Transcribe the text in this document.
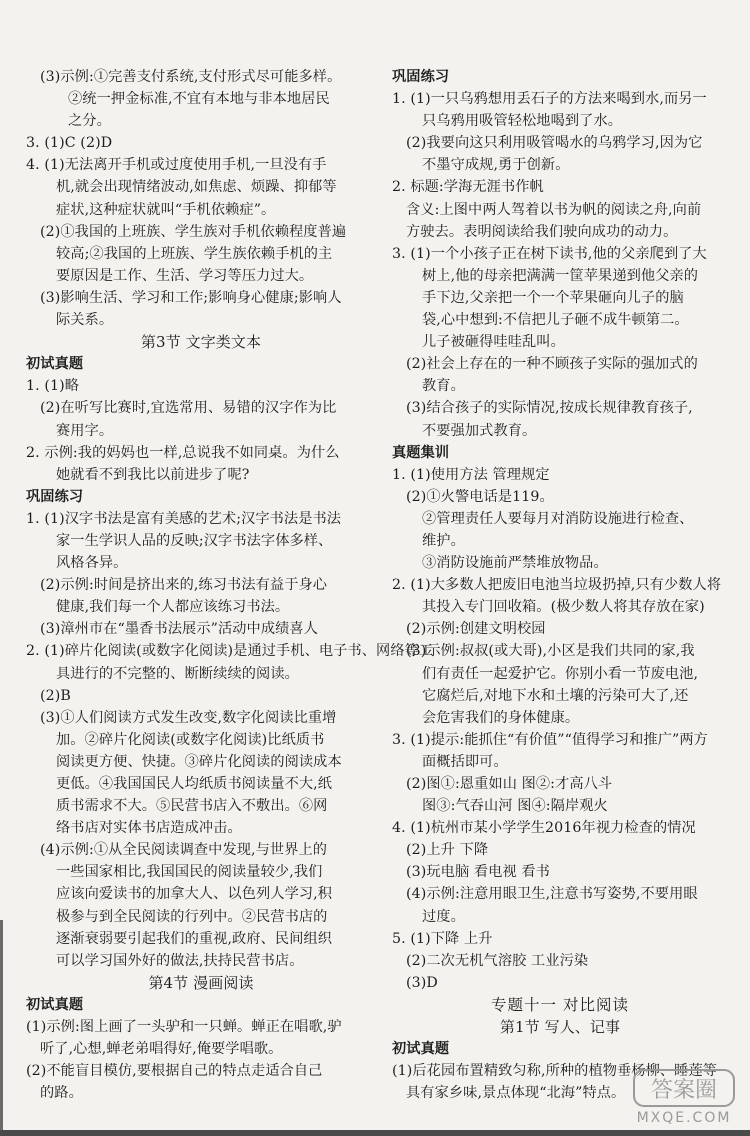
(3)示例:①完善支付系统,支付形式尽可能多样。
②统一押金标准,不宜有本地与非本地居民
之分。
3. (1)C (2)D
4. (1)无法离开手机或过度使用手机,一旦没有手
机,就会出现情绪波动,如焦虑、烦躁、抑郁等
症状,这种症状就叫“手机依赖症”。
(2)①我国的上班族、学生族对手机依赖程度普遍
较高;②我国的上班族、学生族依赖手机的主
要原因是工作、生活、学习等压力过大。
(3)影响生活、学习和工作;影响身心健康;影响人
际关系。
第3节 文字类文本
初试真题
1. (1)略
(2)在听写比赛时,宜选常用、易错的汉字作为比
赛用字。
2. 示例:我的妈妈也一样,总说我不如同桌。为什么
她就看不到我比以前进步了呢?
巩固练习
1. (1)汉字书法是富有美感的艺术;汉字书法是书法
家一生学识人品的反映;汉字书法字体多样、
风格各异。
(2)示例:时间是挤出来的,练习书法有益于身心
健康,我们每一个人都应该练习书法。
(3)漳州市在“墨香书法展示”活动中成绩喜人
2. (1)碎片化阅读(或数字化阅读)是通过手机、电子书、网络等工
具进行的不完整的、断断续续的阅读。
(2)B
(3)①人们阅读方式发生改变,数字化阅读比重增
加。②碎片化阅读(或数字化阅读)比纸质书
阅读更方便、快捷。③碎片化阅读的阅读成本
更低。④我国国民人均纸质书阅读量不大,纸
质书需求不大。⑤民营书店入不敷出。⑥网
络书店对实体书店造成冲击。
(4)示例:①从全民阅读调查中发现,与世界上的
一些国家相比,我国国民的阅读量较少,我们
应该向爱读书的加拿大人、以色列人学习,积
极参与到全民阅读的行列中。②民营书店的
逐渐衰弱要引起我们的重视,政府、民间组织
可以学习国外好的做法,扶持民营书店。
第4节 漫画阅读
初试真题
(1)示例:图上画了一头驴和一只蝉。蝉正在唱歌,驴
听了,心想,蝉老弟唱得好,俺要学唱歌。
(2)不能盲目模仿,要根据自己的特点走适合自己
的路。
巩固练习
1. (1)一只乌鸦想用丢石子的方法来喝到水,而另一
只乌鸦用吸管轻松地喝到了水。
(2)我要向这只利用吸管喝水的乌鸦学习,因为它
不墨守成规,勇于创新。
2. 标题:学海无涯书作帆
含义:上图中两人驾着以书为帆的阅读之舟,向前
方驶去。表明阅读给我们驶向成功的动力。
3. (1)一个小孩子正在树下读书,他的父亲爬到了大
树上,他的母亲把满满一筐苹果递到他父亲的
手下边,父亲把一个一个苹果砸向儿子的脑
袋,心中想到:不信把儿子砸不成牛顿第二。
儿子被砸得哇哇乱叫。
(2)社会上存在的一种不顾孩子实际的强加式的
教育。
(3)结合孩子的实际情况,按成长规律教育孩子,
不要强加式教育。
真题集训
1. (1)使用方法 管理规定
(2)①火警电话是119。
②管理责任人要每月对消防设施进行检查、
维护。
③消防设施前严禁堆放物品。
2. (1)大多数人把废旧电池当垃圾扔掉,只有少数人将
其投入专门回收箱。(极少数人将其存放在家)
(2)示例:创建文明校园
(3)示例:叔叔(或大哥),小区是我们共同的家,我
们有责任一起爱护它。你别小看一节废电池,
它腐烂后,对地下水和土壤的污染可大了,还
会危害我们的身体健康。
3. (1)提示:能抓住“有价值”“值得学习和推广”两方
面概括即可。
(2)图①:恩重如山 图②:才高八斗
图③:气吞山河 图④:隔岸观火
4. (1)杭州市某小学学生2016年视力检查的情况
(2)上升 下降
(3)玩电脑 看电视 看书
(4)示例:注意用眼卫生,注意书写姿势,不要用眼
过度。
5. (1)下降 上升
(2)二次无机气溶胶 工业污染
(3)D
专题十一 对比阅读
第1节 写人、记事
初试真题
(1)后花园布置精致匀称,所种的植物垂杨柳、睡莲等
具有家乡味,景点体现“北海”特点。	答案圈
MXQE.COM
